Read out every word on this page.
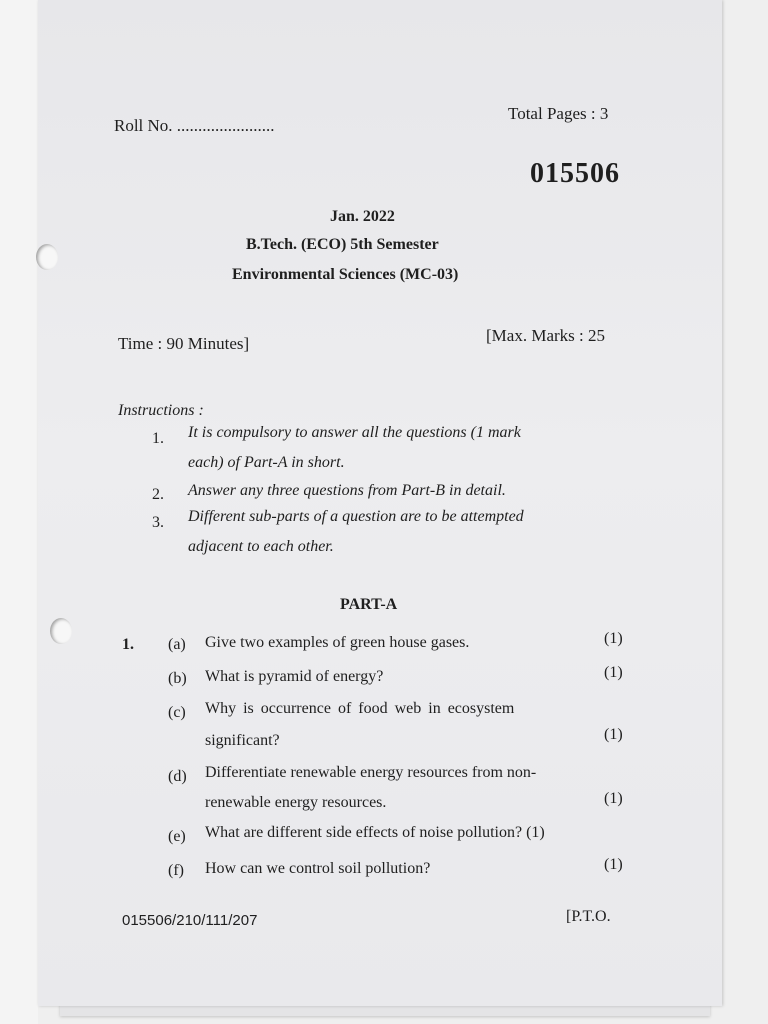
Roll No. .......................
Total Pages : 3
015506
Jan. 2022
B.Tech. (ECO) 5th Semester
Environmental Sciences (MC-03)
Time : 90 Minutes]	[Max. Marks : 25
Instructions :
1. It is compulsory to answer all the questions (1 mark
each) of Part-A in short.
2. Answer any three questions from Part-B in detail.
3. Different sub-parts of a question are to be attempted
adjacent to each other.
PART-A
1. (a) Give two examples of green house gases.	(1)
(b) What is pyramid of energy?	(1)
(c) Why is occurrence of food web in ecosystem
significant?	(1)
(d) Differentiate renewable energy resources from non-
renewable energy resources.	(1)
(e) What are different side effects of noise pollution? (1)
(f) How can we control soil pollution?	(1)
015506/210/111/207	[P.T.O.
